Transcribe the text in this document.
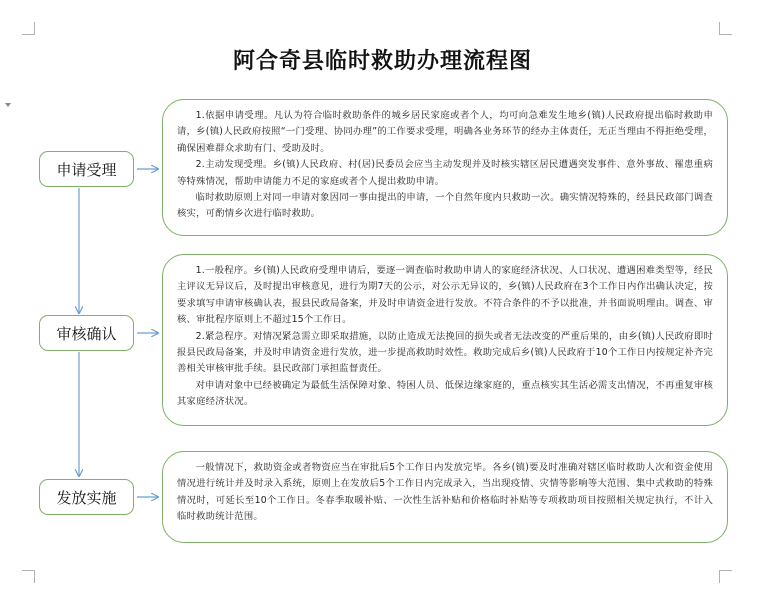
阿合奇县临时救助办理流程图
申请受理

1.依据申请受理。凡认为符合临时救助条件的城乡居民家庭或者个人，均可向急难发生地乡(镇)人民政府提出临时救助申请，乡(镇)人民政府按照“一门受理、协同办理”的工作要求受理，明确各业务环节的经办主体责任，无正当理由不得拒绝受理，确保困难群众求助有门、受助及时。

2.主动发现受理。乡(镇)人民政府、村(居)民委员会应当主动发现并及时核实辖区居民遭遇突发事件、意外事故、罹患重病等特殊情况，帮助申请能力不足的家庭或者个人提出救助申请。

临时救助原则上对同一申请对象因同一事由提出的申请，一个自然年度内只救助一次。确实情况特殊的，经县民政部门调查核实，可酌情乡次进行临时救助。

审核确认

1.一般程序。乡(镇)人民政府受理申请后，要逐一调查临时救助申请人的家庭经济状况、人口状况、遭遇困难类型等，经民主评议无异议后，及时提出审核意见，进行为期7天的公示，对公示无异议的，乡(镇)人民政府在3个工作日内作出确认决定，按要求填写申请审核确认表，报县民政局备案，并及时申请资金进行发放。不符合条件的不予以批准，并书面说明理由。调查、审核、审批程序原则上不超过15个工作日。

2.紧急程序。对情况紧急需立即采取措施，以防止造成无法挽回的损失或者无法改变的严重后果的，由乡(镇)人民政府即时报县民政局备案，并及时申请资金进行发放，进一步提高救助时效性。救助完成后乡(镇)人民政府于10个工作日内按规定补齐完善相关审核审批手续。县民政部门承担监督责任。

对申请对象中已经被确定为最低生活保障对象、特困人员、低保边缘家庭的，重点核实其生活必需支出情况，不再重复审核其家庭经济状况。

发放实施

一般情况下，救助资金或者物资应当在审批后5个工作日内发放完毕。各乡(镇)要及时准确对辖区临时救助人次和资金使用情况进行统计并及时录入系统，原则上在发放后5个工作日内完成录入，当出现疫情、灾情等影响等大范围、集中式救助的特殊情况时，可延长至10个工作日。冬春季取暖补贴、一次性生活补贴和价格临时补贴等专项救助项目按照相关规定执行，不计入临时救助统计范围。
